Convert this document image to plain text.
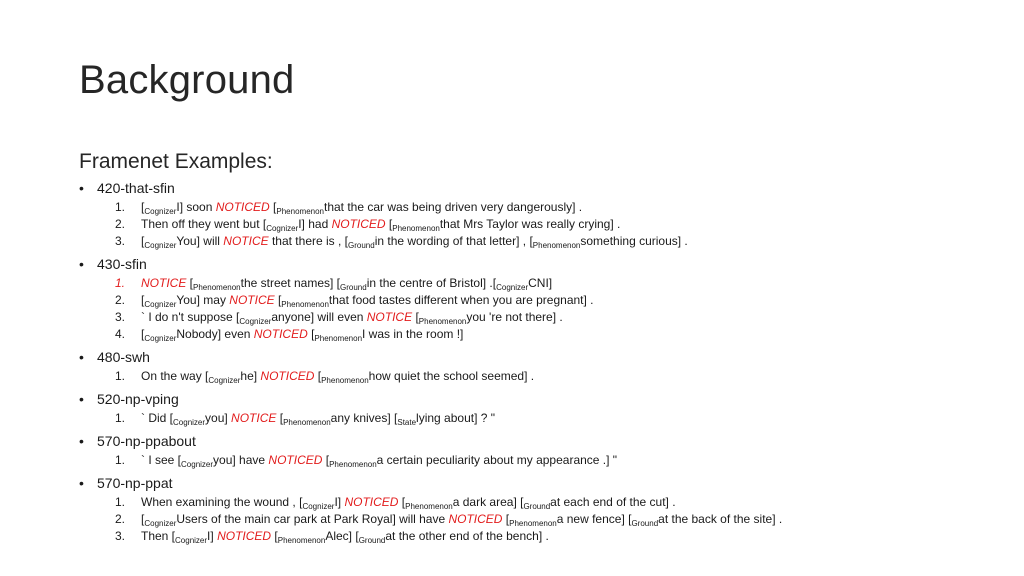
Background
Framenet Examples:
• 420-that-sfin
1.	$[_{Cognizer}I]$ soon NOTICED [$_{Phenomenon}that$ the car was being driven very dangerously] .
2.	Then off they went but $[_{Cognizer}I]$ had NOTICED [$_{Phenomenon}that$ Mrs Taylor was really crying] .
3.	$[_{Cognizer}You]$ will NOTICE that there is , [$_{Ground}in$ the wording of that letter] , [$_{Phenomenon}something$ curious] .
• 430-sfin
1.	NOTICE [$_{Phenomenon}the$ street names] [$_{Ground}in$ the centre of Bristol] $.[_{Cognizer}CNI]$
2.	$[_{Cognizer}You]$ may NOTICE [$_{Phenomenon}that$ food tastes different when you are pregnant] .
3.	` I do n't suppose $[_{Cognizer}anyone]$ will even NOTICE [$_{Phenomenon}you$ 're not there] .
4.	$[_{Cognizer}Nobody]$ even NOTICED [$_{Phenomenon}I$ was in the room !]
• 480-swh
1.	On the way $[_{Cognizer}he]$ NOTICED [$_{Phenomenon}how$ quiet the school seemed] .
• 520-np-vping
1.	` Did $[_{Cognizer}you]$ NOTICE [$_{Phenomenon}any$ knives] [$_{State}lying$ about] ? "
• 570-np-ppabout
1.	` I see $[_{Cognizer}you]$ have NOTICED [$_{Phenomenon}a$ certain peculiarity about my appearance .] "
• 570-np-ppat
1.	When examining the wound , $[_{Cognizer}I]$ NOTICED [$_{Phenomenon}a$ dark area] [$_{Ground}at$ each end of the cut] .
2.	[$_{Cognizer}Users$ of the main car park at Park Royal] will have NOTICED [$_{Phenomenon}a$ new fence] [$_{Ground}at$ the back of the site] .
3.	Then $[_{Cognizer}I]$ NOTICED $[_{Phenomenon}Alec]$ [$_{Ground}at$ the other end of the bench] .
